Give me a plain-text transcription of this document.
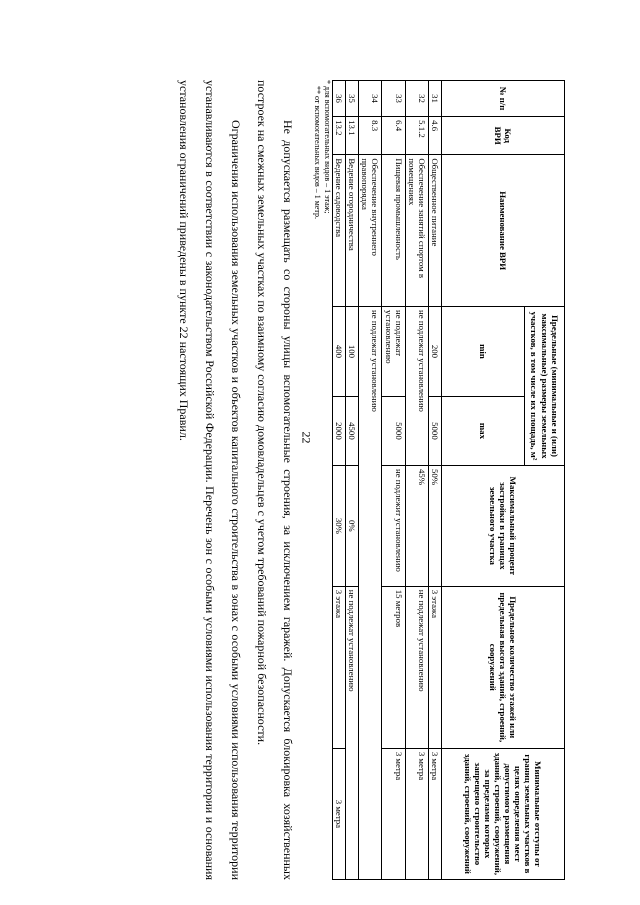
22
№ п/п	Код ВРИ	Наименование ВРИ	Предельные (минимальные и (или) максимальные) размеры земельных участков, в том числе их площадь, м²		Максимальный процент застройки в границах земельного участка	Предельное количество этажей или предельная высота зданий, строений, сооружений	Минимальные отступы от границ земельных участков в целях определения мест допустимого размещения зданий, строений, сооружений, за пределами которых запрещено строительство зданий, строений, сооружений
			min	max			
31	4.6	Общественное питание	200	5000	50%	3 этажа	3 метра
32	5.1.2	Обеспечение занятий спортом в помещениях	не подлежат установлению		45%	не подлежат установлению	3 метра
33	6.4	Пищевая промышленность	не подлежат установлению	5000	не подлежит установлению	15 метров	3 метра
34	8.3	Обеспечение внутреннего правопорядка	не подлежат установлению				
35	13.1	Ведение огородничества	100	4500	0%	не подлежат установлению	
36	13.2	Ведение садоводства	400	2000	30%	3 этажа	3 метра
* для вспомогательных видов – 1 этаж;
** от вспомогательных видов – 1 метр.
Не допускается размещать со стороны улицы вспомогательные строения, за исключением гаражей. Допускается блокировка хозяйственных построек на смежных земельных участках по взаимному согласию домовладельцев с учетом требований пожарной безопасности.
Ограничения использования земельных участков и объектов капитального строительства в зонах с особыми условиями использования территории устанавливаются в соответствии с законодательством Российской Федерации. Перечень зон с особыми условиями использования территории и основания установления ограничений приведены в пункте 22 настоящих Правил.
